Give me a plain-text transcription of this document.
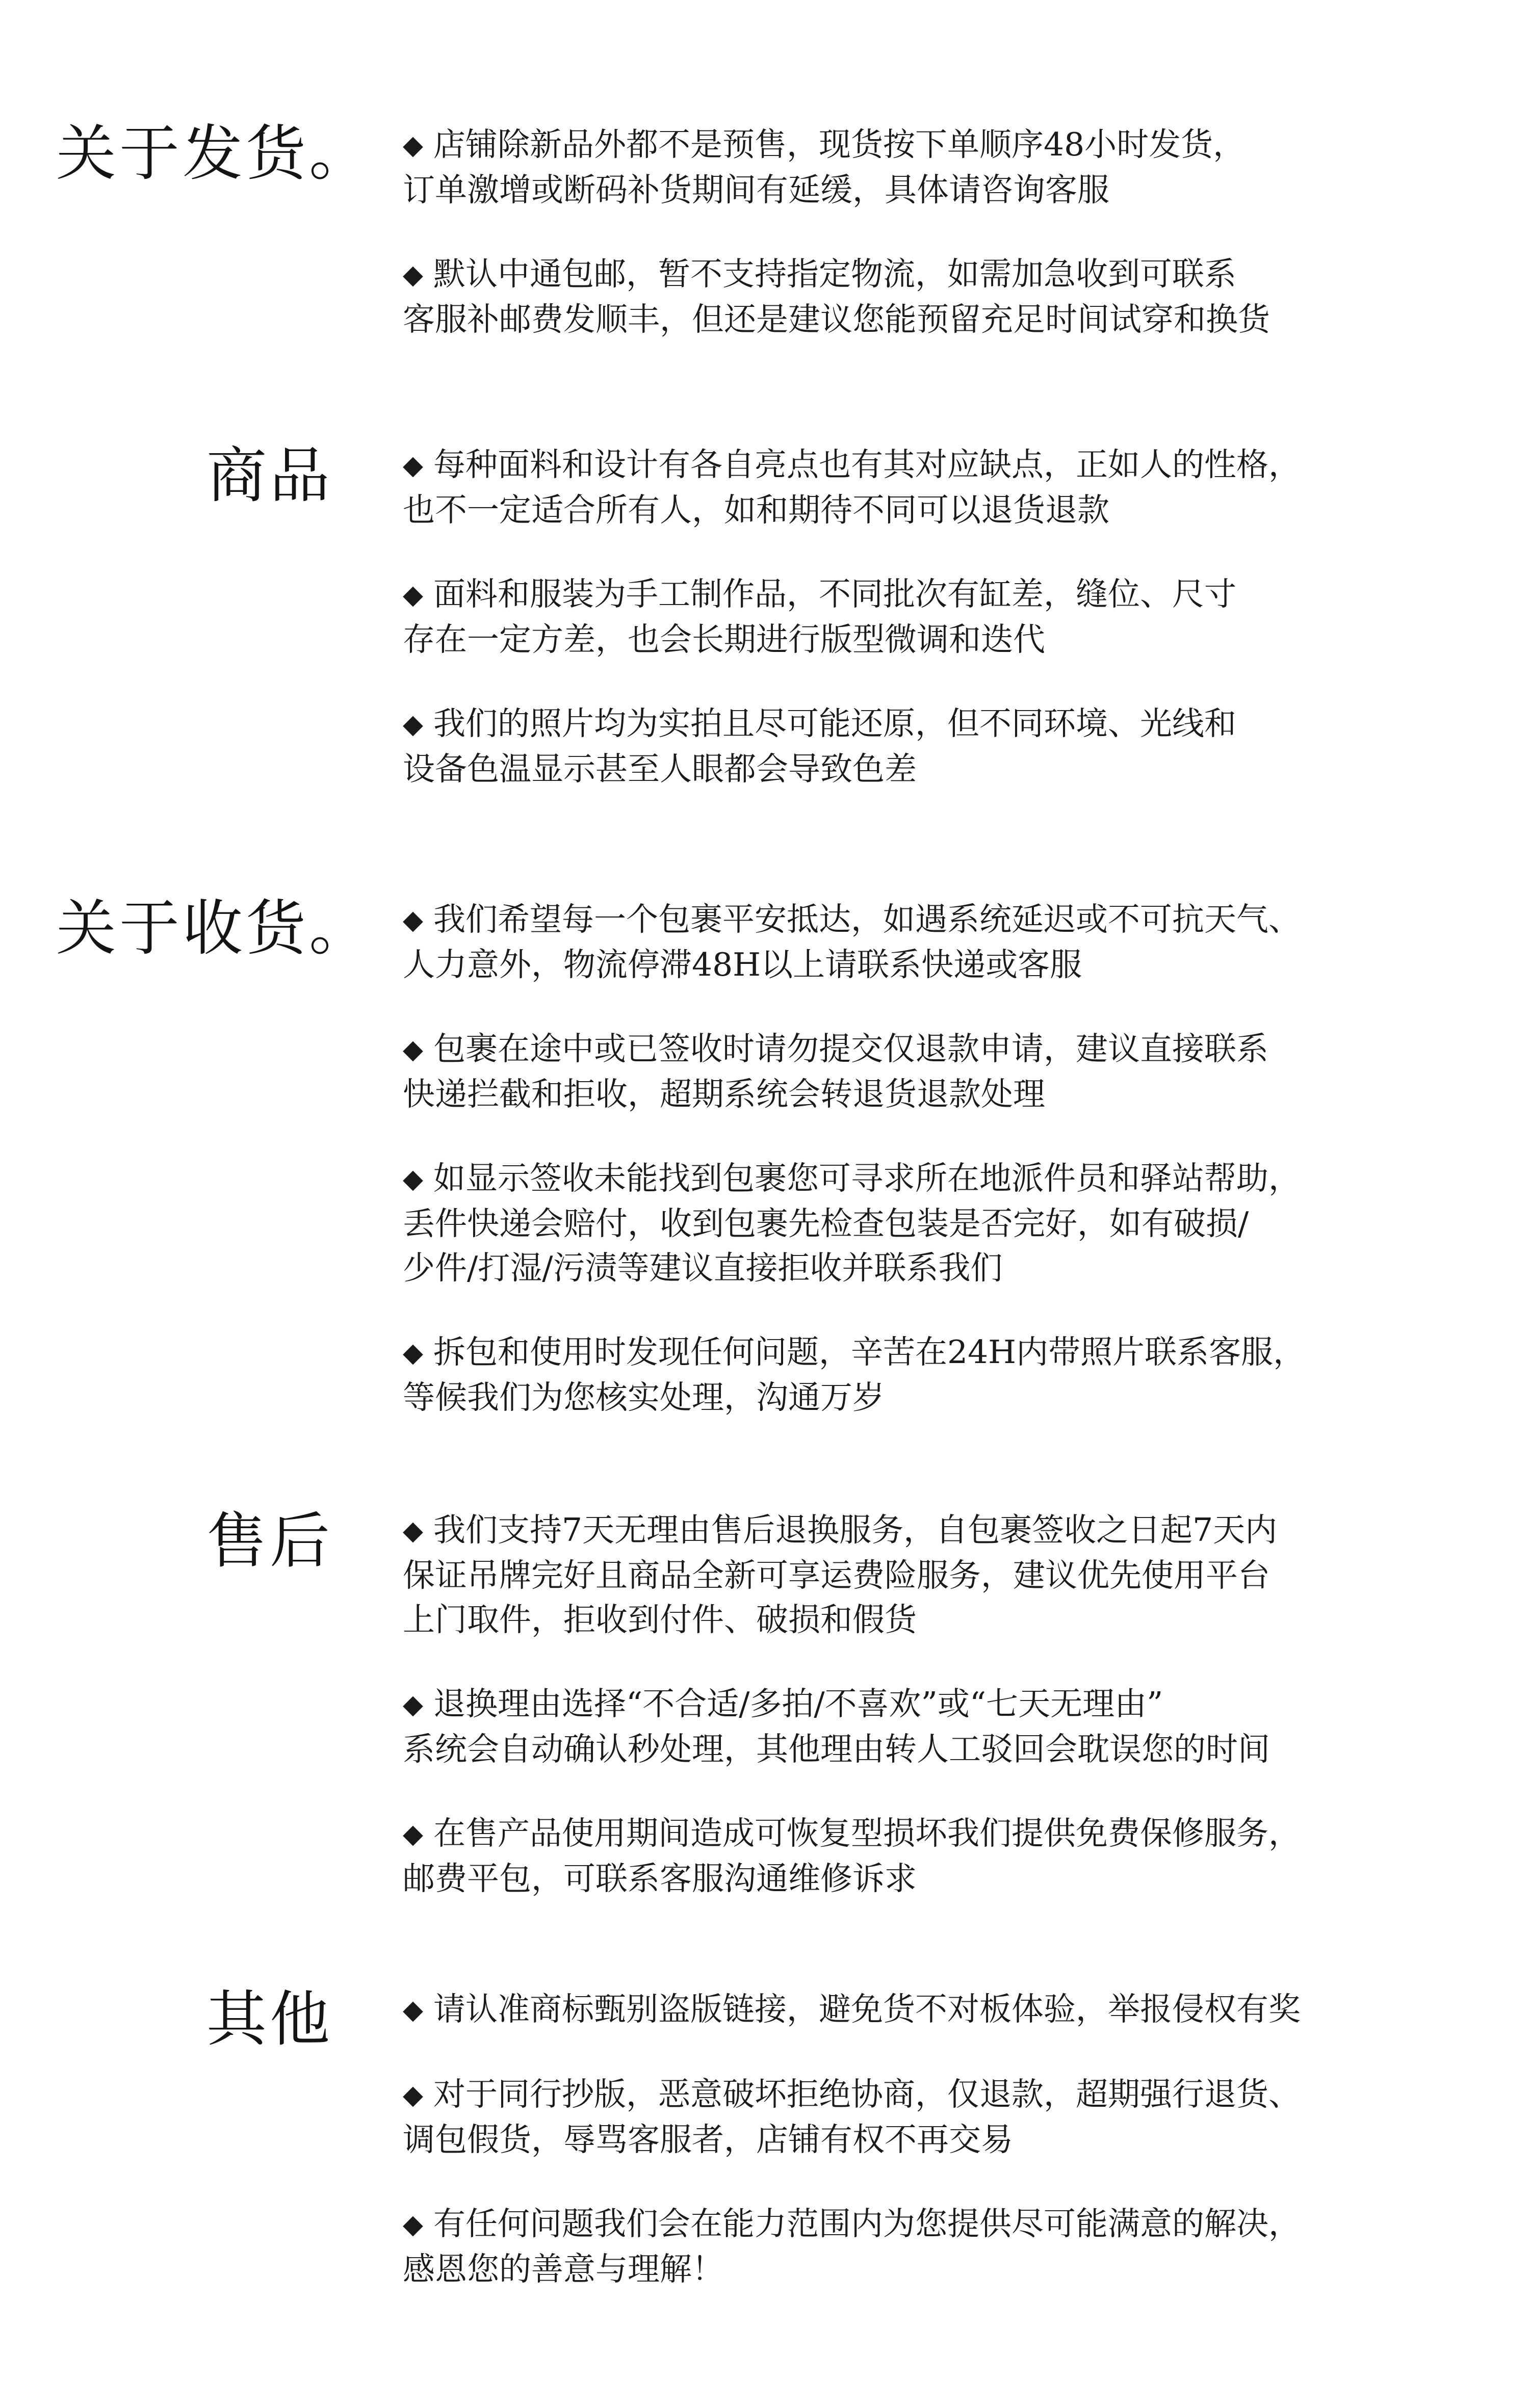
关于发货。 ◆ 店铺除新品外都不是预售，现货按下单顺序48小时发货，
订单激增或断码补货期间有延缓，具体请咨询客服
◆ 默认中通包邮，暂不支持指定物流，如需加急收到可联系
客服补邮费发顺丰，但还是建议您能预留充足时间试穿和换货
商品	◆ 每种面料和设计有各自亮点也有其对应缺点，正如人的性格，
也不一定适合所有人，如和期待不同可以退货退款
◆ 面料和服装为手工制作品，不同批次有缸差，缝位、尺寸
存在一定方差，也会长期进行版型微调和迭代
◆ 我们的照片均为实拍且尽可能还原，但不同环境、光线和
设备色温显示甚至人眼都会导致色差
关于收货。 ◆ 我们希望每一个包裹平安抵达，如遇系统延迟或不可抗天气、
人力意外，物流停滞48H以上请联系快递或客服
◆ 包裹在途中或已签收时请勿提交仅退款申请，建议直接联系
快递拦截和拒收，超期系统会转退货退款处理
◆ 如显示签收未能找到包裹您可寻求所在地派件员和驿站帮助，
丢件快递会赔付，收到包裹先检查包装是否完好，如有破损/
少件/打湿/污渍等建议直接拒收并联系我们
◆ 拆包和使用时发现任何问题，辛苦在24H内带照片联系客服，
等候我们为您核实处理，沟通万岁
售后	◆ 我们支持7天无理由售后退换服务，自包裹签收之日起7天内
保证吊牌完好且商品全新可享运费险服务，建议优先使用平台
上门取件，拒收到付件、破损和假货
◆ 退换理由选择“不合适/多拍/不喜欢”或“七天无理由”
系统会自动确认秒处理，其他理由转人工驳回会耽误您的时间
◆ 在售产品使用期间造成可恢复型损坏我们提供免费保修服务，
邮费平包，可联系客服沟通维修诉求
其他	◆ 请认准商标甄别盗版链接，避免货不对板体验，举报侵权有奖
◆ 对于同行抄版，恶意破坏拒绝协商，仅退款，超期强行退货、
调包假货，辱骂客服者，店铺有权不再交易
◆ 有任何问题我们会在能力范围内为您提供尽可能满意的解决，
感恩您的善意与理解！
